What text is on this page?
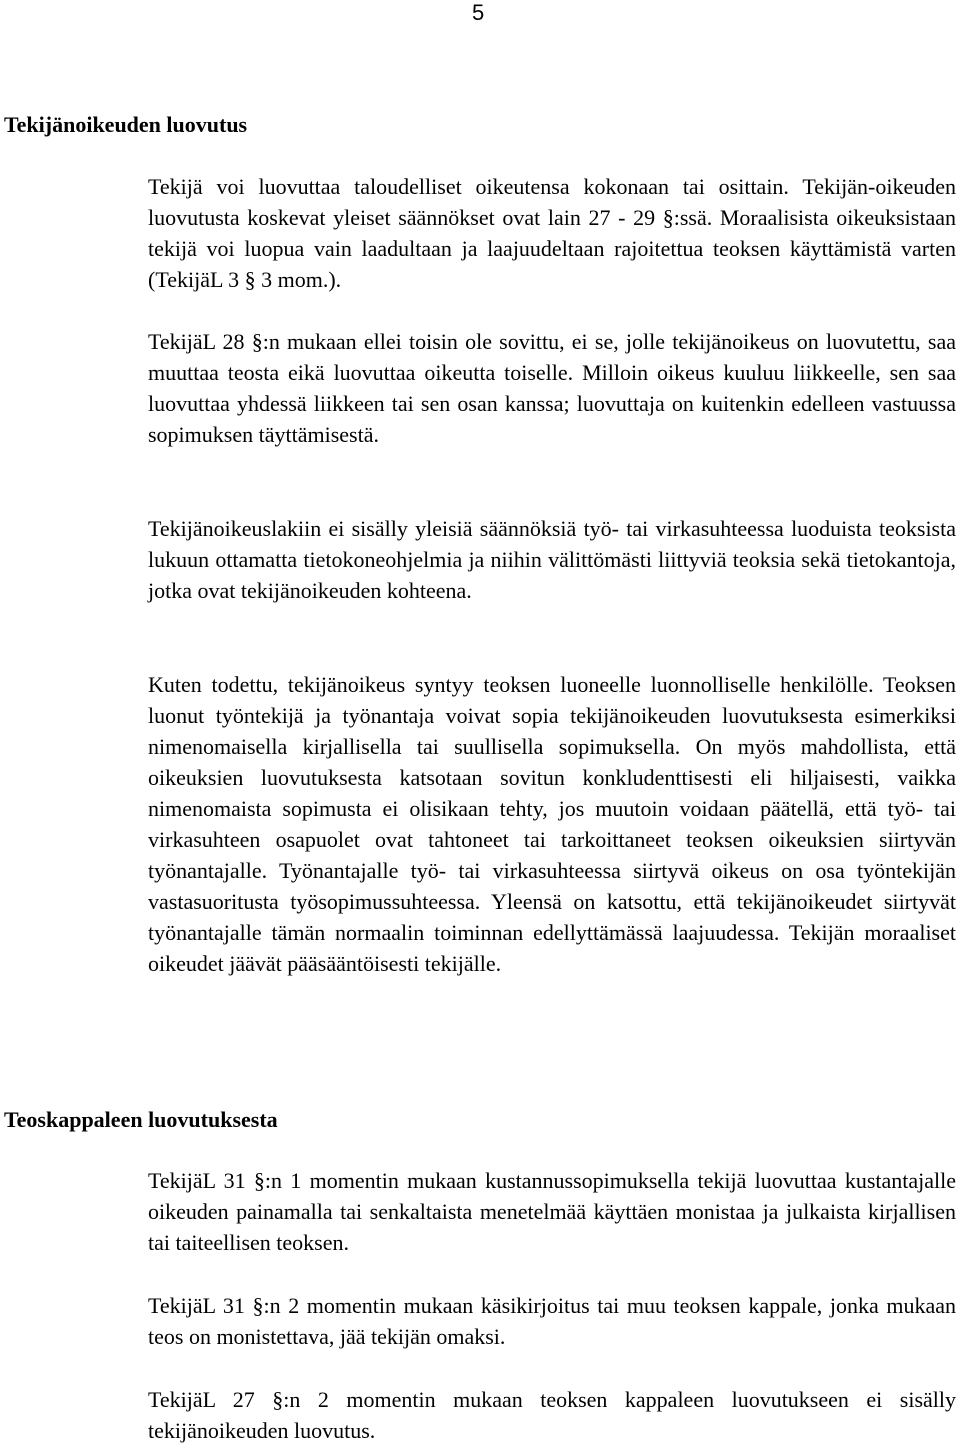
5
Tekijänoikeuden luovutus

Tekijä voi luovuttaa taloudelliset oikeutensa kokonaan tai osittain. Tekijän-oikeuden luovutusta koskevat yleiset säännökset ovat lain 27 - 29 §:ssä. Moraalisista oikeuksistaan tekijä voi luopua vain laadultaan ja laajuudeltaan rajoitettua teoksen käyttämistä varten (TekijäL 3 § 3 mom.).

TekijäL 28 §:n mukaan ellei toisin ole sovittu, ei se, jolle tekijänoikeus on luovutettu, saa muuttaa teosta eikä luovuttaa oikeutta toiselle. Milloin oikeus kuuluu liikkeelle, sen saa luovuttaa yhdessä liikkeen tai sen osan kanssa; luovuttaja on kuitenkin edelleen vastuussa sopimuksen täyttämisestä.

Tekijänoikeuslakiin ei sisälly yleisiä säännöksiä työ- tai virkasuhteessa luoduista teoksista lukuun ottamatta tietokoneohjelmia ja niihin välittömästi liittyviä teoksia sekä tietokantoja, jotka ovat tekijänoikeuden kohteena.

Kuten todettu, tekijänoikeus syntyy teoksen luoneelle luonnolliselle henkilölle. Teoksen luonut työntekijä ja työnantaja voivat sopia tekijänoikeuden luovutuksesta esimerkiksi nimenomaisella kirjallisella tai suullisella sopimuksella. On myös mahdollista, että oikeuksien luovutuksesta katsotaan sovitun konkludenttisesti eli hiljaisesti, vaikka nimenomaista sopimusta ei olisikaan tehty, jos muutoin voidaan päätellä, että työ- tai virkasuhteen osapuolet ovat tahtoneet tai tarkoittaneet teoksen oikeuksien siirtyvän työnantajalle. Työnantajalle työ- tai virkasuhteessa siirtyvä oikeus on osa työntekijän vastasuoritusta työsopimussuhteessa. Yleensä on katsottu, että tekijänoikeudet siirtyvät työnantajalle tämän normaalin toiminnan edellyttämässä laajuudessa. Tekijän moraaliset oikeudet jäävät pääsääntöisesti tekijälle.

Teoskappaleen luovutuksesta

TekijäL 31 §:n 1 momentin mukaan kustannussopimuksella tekijä luovuttaa kustantajalle oikeuden painamalla tai senkaltaista menetelmää käyttäen monistaa ja julkaista kirjallisen tai taiteellisen teoksen.

TekijäL 31 §:n 2 momentin mukaan käsikirjoitus tai muu teoksen kappale, jonka mukaan teos on monistettava, jää tekijän omaksi.

TekijäL 27 §:n 2 momentin mukaan teoksen kappaleen luovutukseen ei sisälly tekijänoikeuden luovutus.
